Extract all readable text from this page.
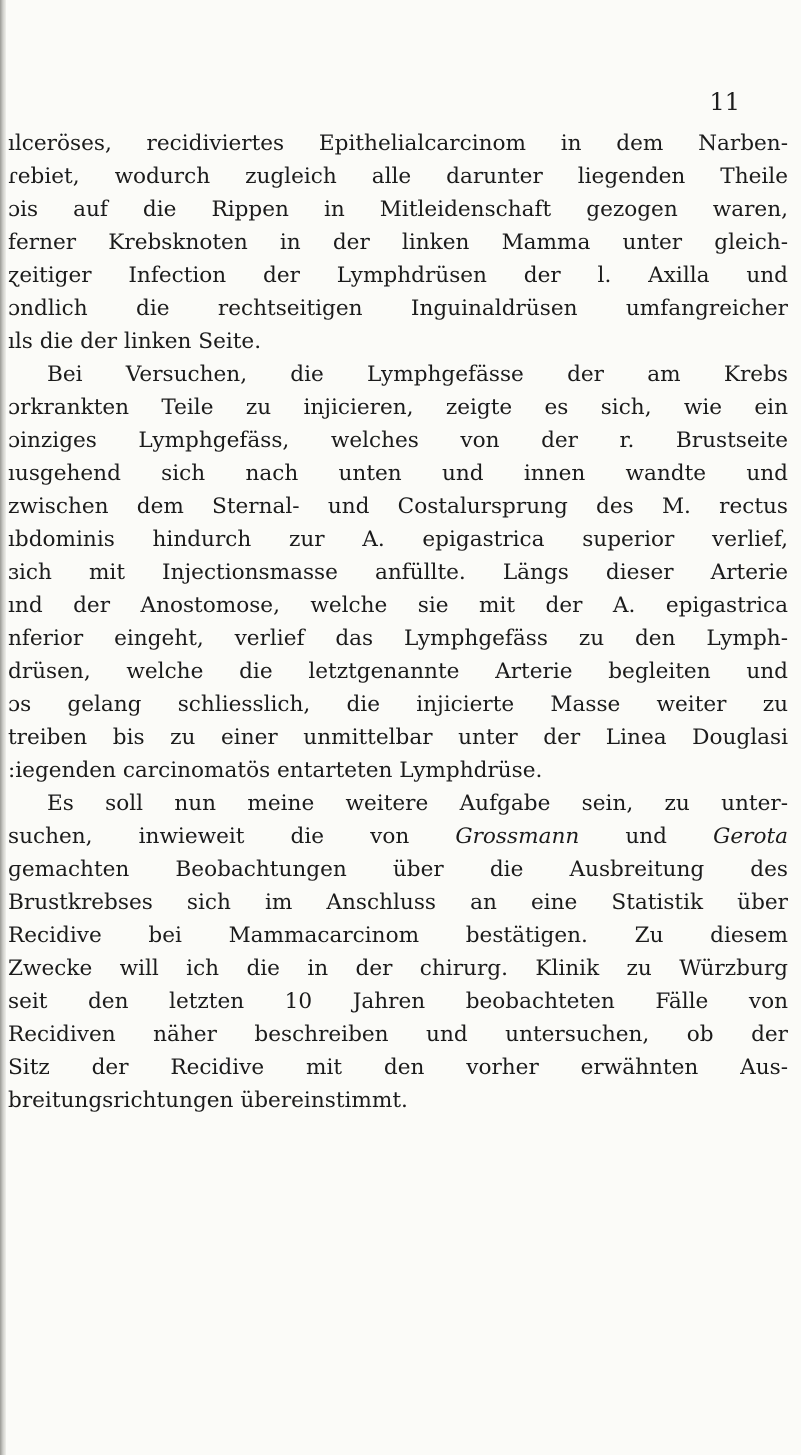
11
ılceröses, recidiviertes Epithelialcarcinom in dem Narben-
ɾebiet, wodurch zugleich alle darunter liegenden Theile
ɔis auf die Rippen in Mitleidenschaft gezogen waren,
ferner Krebsknoten in der linken Mamma unter gleich-
ɀeitiger Infection der Lymphdrüsen der l. Axilla und
ɔndlich die rechtseitigen Inguinaldrüsen umfangreicher
ıls die der linken Seite.
Bei Versuchen, die Lymphgefässe der am Krebs
ɔrkrankten Teile zu injicieren, zeigte es sich, wie ein
ɔinziges Lymphgefäss, welches von der r. Brustseite
ıusgehend sich nach unten und innen wandte und
zwischen dem Sternal- und Costalursprung des M. rectus
ıbdominis hindurch zur A. epigastrica superior verlief,
ɜich mit Injectionsmasse anfüllte. Längs dieser Arterie
ınd der Anostomose, welche sie mit der A. epigastrica
nferior eingeht, verlief das Lymphgefäss zu den Lymph-
drüsen, welche die letztgenannte Arterie begleiten und
ɔs gelang schliesslich, die injicierte Masse weiter zu
treiben bis zu einer unmittelbar unter der Linea Douglasi
:iegenden carcinomatös entarteten Lymphdrüse.
Es soll nun meine weitere Aufgabe sein, zu unter-
suchen, inwieweit die von Grossmann und Gerota
ɡemachten Beobachtungen über die Ausbreitung des
Brustkrebses sich im Anschluss an eine Statistik über
Recidive bei Mammacarcinom bestätigen. Zu diesem
Zwecke will ich die in der chirurg. Klinik zu Würzburg
seit den letzten 10 Jahren beobachteten Fälle von
Recidiven näher beschreiben und untersuchen, ob der
Sitz der Recidive mit den vorher erwähnten Aus-
breitungsrichtungen übereinstimmt.
